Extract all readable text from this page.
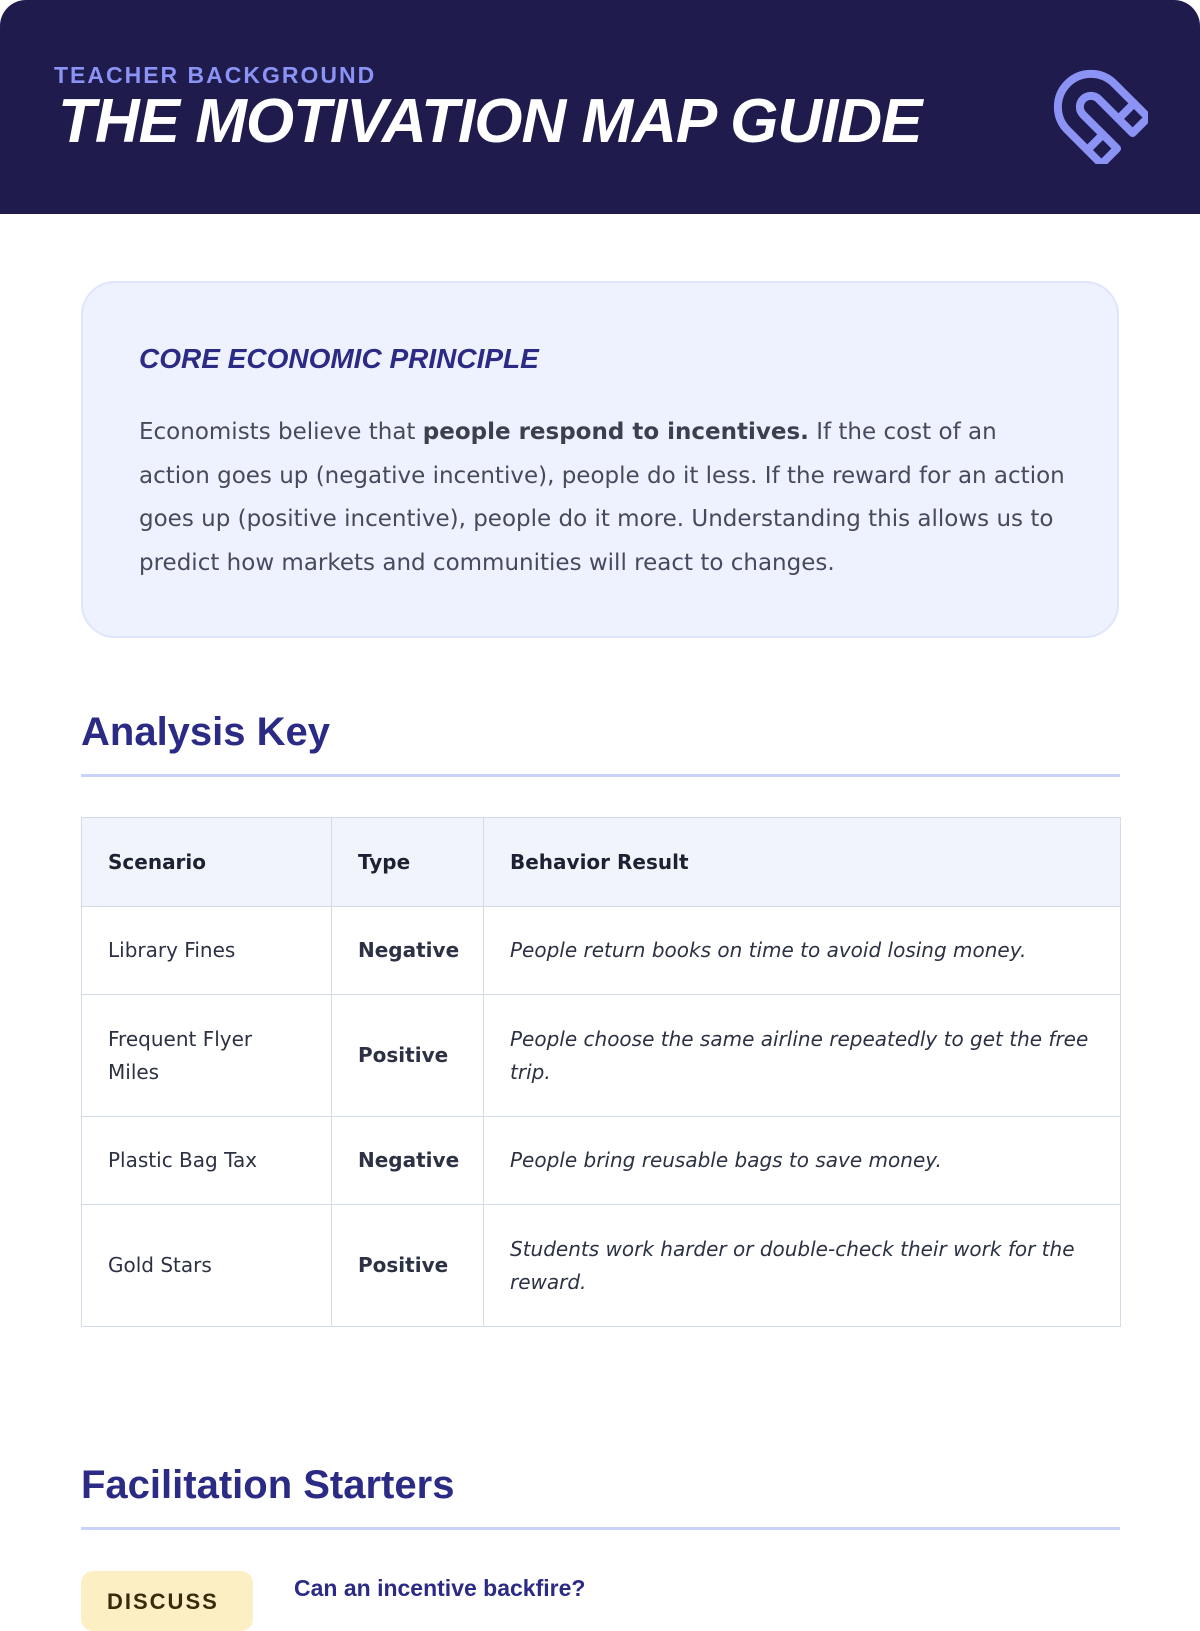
TEACHER BACKGROUND
THE MOTIVATION MAP GUIDE
CORE ECONOMIC PRINCIPLE
Economists believe that people respond to incentives. If the cost of an action goes up (negative incentive), people do it less. If the reward for an action goes up (positive incentive), people do it more. Understanding this allows us to predict how markets and communities will react to changes.
Analysis Key
Scenario	Type	Behavior Result
Library Fines	Negative	People return books on time to avoid losing money.
Frequent Flyer Miles	Positive	People choose the same airline repeatedly to get the free trip.
Plastic Bag Tax	Negative	People bring reusable bags to save money.
Gold Stars	Positive	Students work harder or double-check their work for the reward.
Facilitation Starters
DISCUSS
Can an incentive backfire?
